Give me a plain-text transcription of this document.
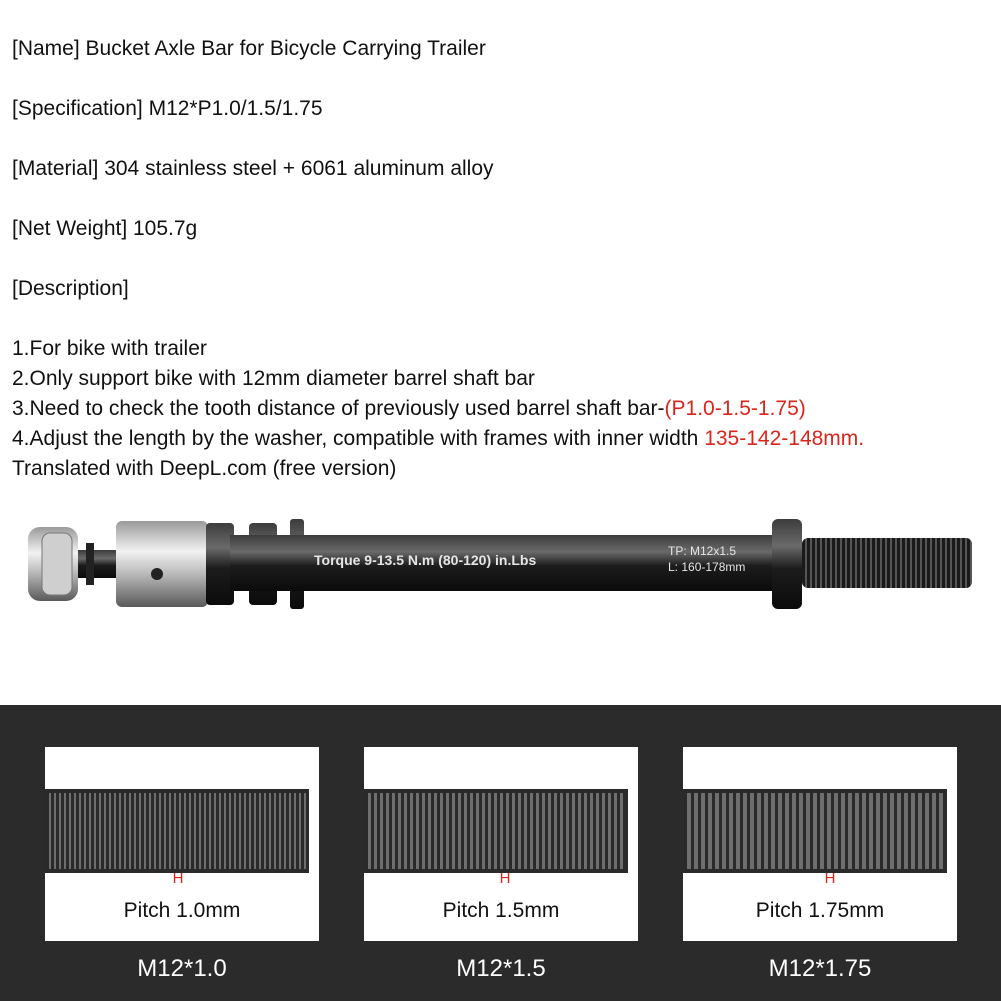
[Name] Bucket Axle Bar for Bicycle Carrying Trailer
[Specification] M12*P1.0/1.5/1.75
[Material] 304 stainless steel + 6061 aluminum alloy
[Net Weight] 105.7g
[Description]
1.For bike with trailer
2.Only support bike with 12mm diameter barrel shaft bar
3.Need to check the tooth distance of previously used barrel shaft bar-(P1.0-1.5-1.75)
4.Adjust the length by the washer, compatible with frames with inner width 135-142-148mm.
Translated with DeepL.com (free version)
Torque 9-13.5 N.m (80-120) in.Lbs
TP: M12x1.5
L: 160-178mm
H
Pitch 1.0mm
M12*1.0
H
Pitch 1.5mm
M12*1.5
H
Pitch 1.75mm
M12*1.75
